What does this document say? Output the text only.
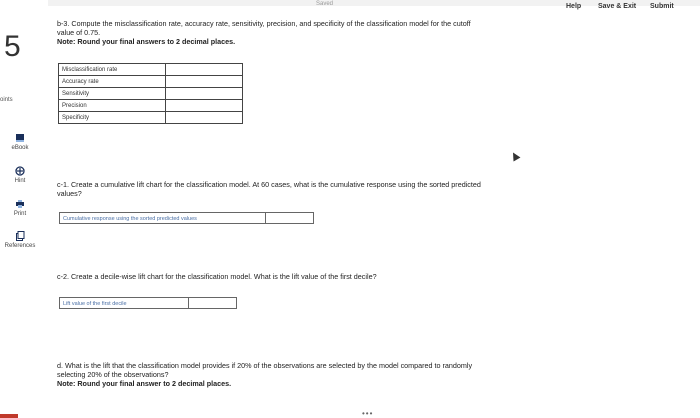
Saved	Help Save & Exit Submit
5
oints
eBook
Hint
Print
References
b-3. Compute the misclassification rate, accuracy rate, sensitivity, precision, and specificity of the classification model for the cutoff
value of 0.75.
Note: Round your final answers to 2 decimal places.
Misclassification rate	
Accuracy rate	
Sensitivity	
Precision	
Specificity	
c-1. Create a cumulative lift chart for the classification model. At 60 cases, what is the cumulative response using the sorted predicted
values?
Cumulative response using the sorted predicted values
c-2. Create a decile-wise lift chart for the classification model. What is the lift value of the first decile?
Lift value of the first decile
d. What is the lift that the classification model provides if 20% of the observations are selected by the model compared to randomly
selecting 20% of the observations?
Note: Round your final answer to 2 decimal places.
•••
